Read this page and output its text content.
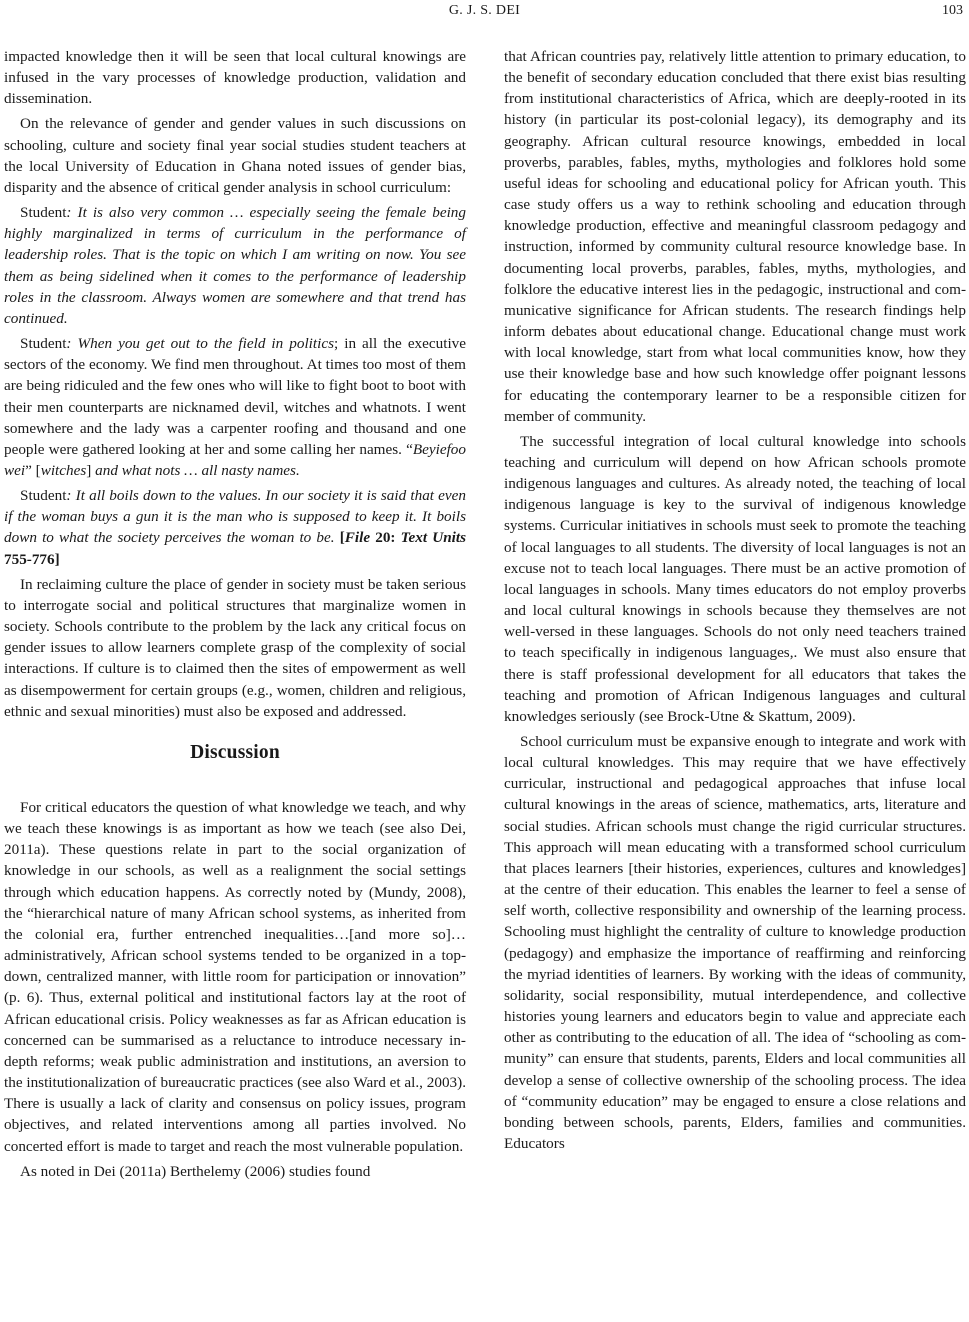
G. J. S. DEI	103

impacted knowledge then it will be seen that local cultural knowings are infused in the vary processes of knowledge production, validation and dissemination.

On the relevance of gender and gender values in such discussions on schooling, culture and society final year social studies student teachers at the local University of Education in Ghana noted issues of gender bias, disparity and the absence of critical gender analysis in school curriculum:

Student: It is also very common … especially seeing the female being highly marginalized in terms of curriculum in the performance of leadership roles. That is the topic on which I am writing on now. You see them as being sidelined when it comes to the performance of leadership roles in the classroom. Always women are somewhere and that trend has continued.

Student: When you get out to the field in politics; in all the executive sectors of the economy. We find men throughout. At times too most of them are being ridiculed and the few ones who will like to fight boot to boot with their men counterparts are nicknamed devil, witches and whatnots. I went somewhere and the lady was a carpenter roofing and thousand and one people were gathered looking at her and some calling her names. “Beyiefoo wei” [witches] and what nots … all nasty names.

Student: It all boils down to the values. In our society it is said that even if the woman buys a gun it is the man who is supposed to keep it. It boils down to what the society perceives the woman to be. [File 20: Text Units 755-776]

In reclaiming culture the place of gender in society must be taken serious to interrogate social and political structures that marginalize women in society. Schools contribute to the problem by the lack any critical focus on gender issues to allow learners complete grasp of the complexity of social interactions. If culture is to claimed then the sites of empowerment as well as disempowerment for certain groups (e.g., women, children and religious, ethnic and sexual minorities) must also be exposed and addressed.

Discussion

For critical educators the question of what knowledge we teach, and why we teach these knowings is as important as how we teach (see also Dei, 2011a). These questions relate in part to the social organization of knowledge in our schools, as well as a realignment the social settings through which education happens. As correctly noted by (Mundy, 2008), the “hierarchical nature of many African school systems, as inherited from the colonial era, further entrenched inequalities…[and more so]… administratively, African school systems tended to be organized in a top-down, centralized manner, with little room for participation or innovation” (p. 6). Thus, external political and institutional factors lay at the root of African educational crisis. Policy weaknesses as far as African education is concerned can be summarised as a reluctance to introduce necessary in-depth reforms; weak public administration and institutions, an aversion to the institutionalization of bureaucratic practices (see also Ward et al., 2003). There is usually a lack of clarity and consensus on policy issues, program objectives, and related interventions among all parties involved. No concerted effort is made to target and reach the most vulnerable population.

As noted in Dei (2011a) Berthelemy (2006) studies found

that African countries pay, relatively little attention to primary education, to the benefit of secondary education concluded that there exist bias resulting from institutional characteristics of Africa, which are deeply-rooted in its history (in particular its post-colonial legacy), its demography and its geography. African cultural resource knowings, embedded in local proverbs, parables, fables, myths, mythologies and folklores hold some useful ideas for schooling and educational policy for African youth. This case study offers us a way to rethink schooling and education through knowledge production, effective and meaningful classroom pedagogy and instruction, informed by community cultural resource knowledge base. In documenting local proverbs, parables, fables, myths, mythologies, and folklore the educative interest lies in the pedagogic, instructional and communicative significance for African students. The research findings help inform debates about educational change. Educational change must work with local knowledge, start from what local communities know, how they use their knowledge base and how such knowledge offer poignant lessons for educating the contemporary learner to be a responsible citizen for member of community.

The successful integration of local cultural knowledge into schools teaching and curriculum will depend on how African schools promote indigenous languages and cultures. As already noted, the teaching of local indigenous language is key to the survival of indigenous knowledge systems. Curricular initiatives in schools must seek to promote the teaching of local languages to all students. The diversity of local languages is not an excuse not to teach local languages. There must be an active promotion of local languages in schools. Many times educators do not employ proverbs and local cultural knowings in schools because they themselves are not well-versed in these languages. Schools do not only need teachers trained to teach specifically in indigenous languages,. We must also ensure that there is staff professional development for all educators that takes the teaching and promotion of African Indigenous languages and cultural knowledges seriously (see Brock-Utne & Skattum, 2009).

School curriculum must be expansive enough to integrate and work with local cultural knowledges. This may require that we have effectively curricular, instructional and pedagogical approaches that infuse local cultural knowings in the areas of science, mathematics, arts, literature and social studies. African schools must change the rigid curricular structures. This approach will mean educating with a transformed school curriculum that places learners [their histories, experiences, cultures and knowledges] at the centre of their education. This enables the learner to feel a sense of self worth, collective responsibility and ownership of the learning process. Schooling must highlight the centrality of culture to knowledge production (pedagogy) and emphasize the importance of reaffirming and reinforcing the myriad identities of learners. By working with the ideas of community, solidarity, social responsibility, mutual interdependence, and collective histories young learners and educators begin to value and appreciate each other as contributing to the education of all. The idea of “schooling as community” can ensure that students, parents, Elders and local communities all develop a sense of collective ownership of the schooling process. The idea of “community education” may be engaged to ensure a close relations and bonding between schools, parents, Elders, families and communities. Educators
